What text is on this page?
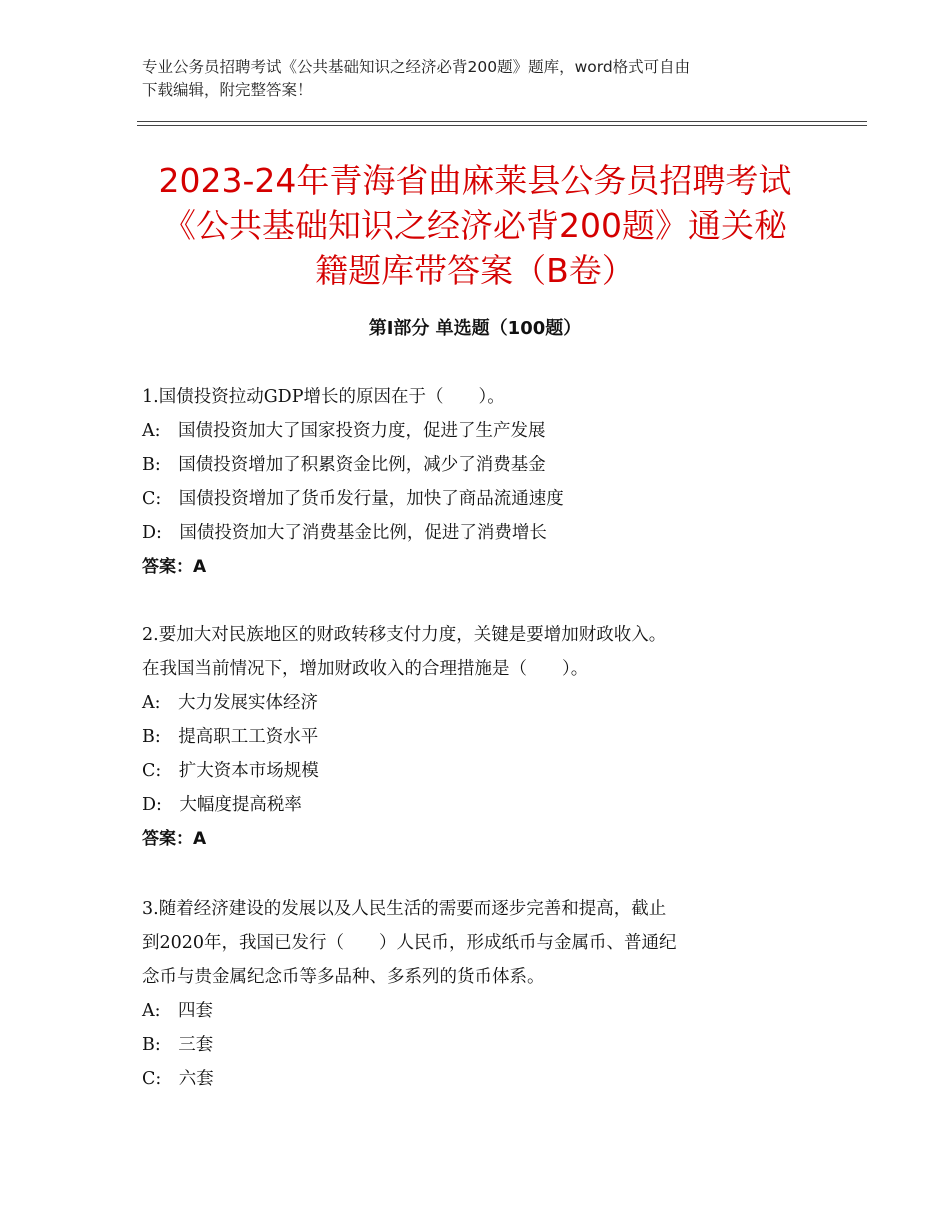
专业公务员招聘考试《公共基础知识之经济必背200题》题库，word格式可自由
下载编辑，附完整答案！
2023-24年青海省曲麻莱县公务员招聘考试
《公共基础知识之经济必背200题》通关秘
籍题库带答案（B卷）
第Ⅰ部分 单选题（100题）
1.国债投资拉动GDP增长的原因在于（　　）。
A:　国债投资加大了国家投资力度，促进了生产发展
B:　国债投资增加了积累资金比例，减少了消费基金
C:　国债投资增加了货币发行量，加快了商品流通速度
D:　国债投资加大了消费基金比例，促进了消费增长
答案：A
2.要加大对民族地区的财政转移支付力度，关键是要增加财政收入。
在我国当前情况下，增加财政收入的合理措施是（　　）。
A:　大力发展实体经济
B:　提高职工工资水平
C:　扩大资本市场规模
D:　大幅度提高税率
答案：A
3.随着经济建设的发展以及人民生活的需要而逐步完善和提高，截止
到2020年，我国已发行（　　）人民币，形成纸币与金属币、普通纪
念币与贵金属纪念币等多品种、多系列的货币体系。
A:　四套
B:　三套
C:　六套
